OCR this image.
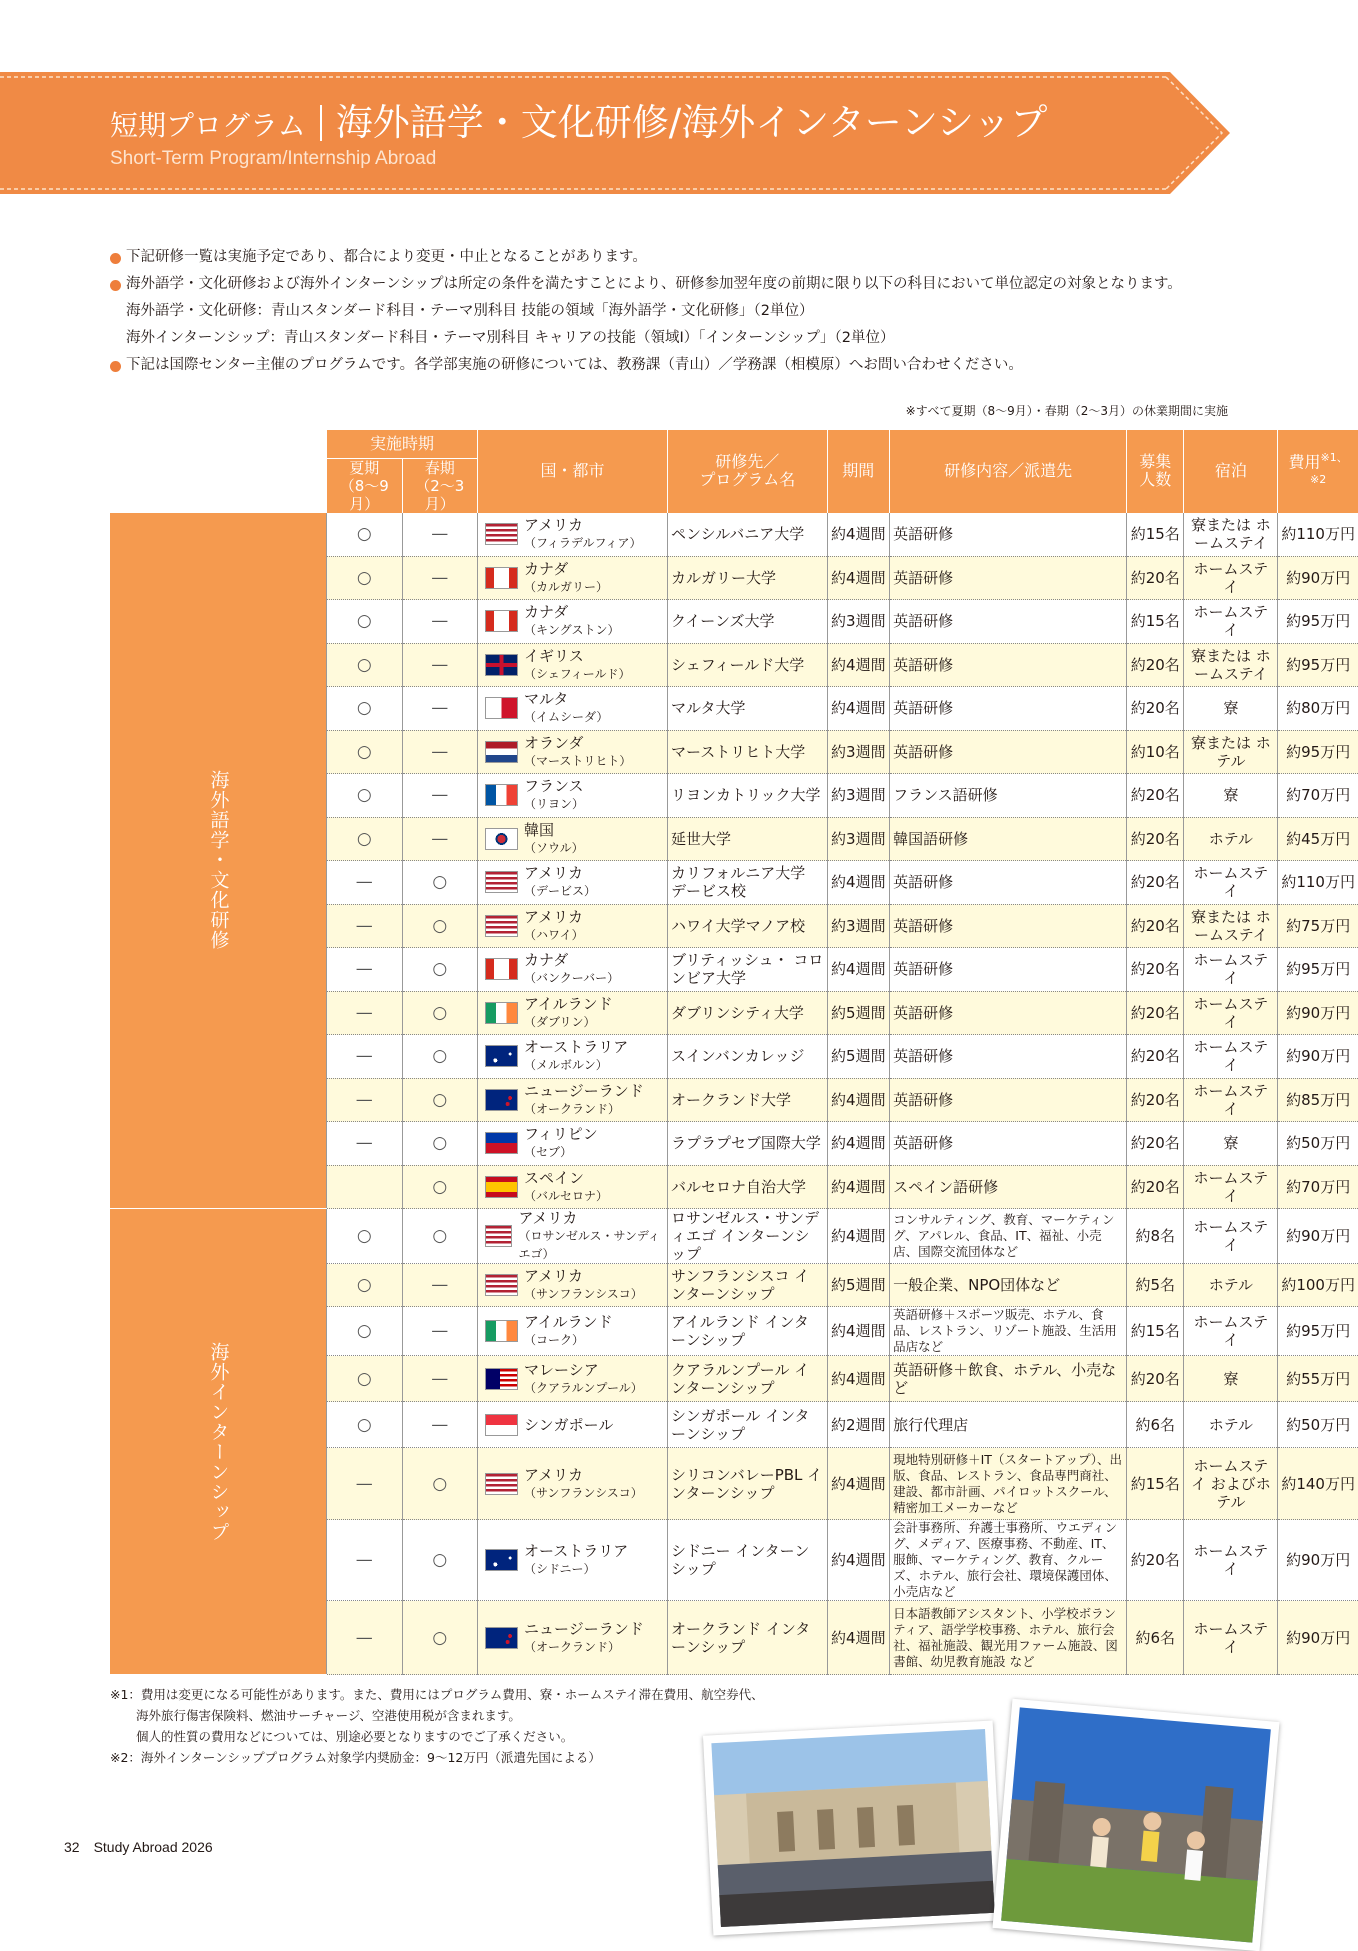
短期プログラム 海外語学・文化研修/海外インターンシップ
Short-Term Program/Internship Abroad
下記研修一覧は実施予定であり、都合により変更・中止となることがあります。
海外語学・文化研修および海外インターンシップは所定の条件を満たすことにより、研修参加翌年度の前期に限り以下の科目において単位認定の対象となります。
海外語学・文化研修：青山スタンダード科目・テーマ別科目 技能の領域「海外語学・文化研修」（2単位）
海外インターンシップ：青山スタンダード科目・テーマ別科目 キャリアの技能（領域Ⅰ）「インターンシップ」（2単位）
下記は国際センター主催のプログラムです。各学部実施の研修については、教務課（青山）／学務課（相模原）へお問い合わせください。
※すべて夏期（8〜9月）・春期（2〜3月）の休業期間に実施
	実施時期		国・都市	研修先／
プログラム名	期間	研修内容／派遣先	募集
人数	宿泊	費用$^{※1、※2}$
	夏期
（8〜9月）	春期
（2〜3月）							

海外語学・文化研修	○	—	アメリカ
（フィラデルフィア）	ペンシルバニア大学	約4週間	英語研修	約15名	寮または ホームステイ	約110万円
	○	—	カナダ
（カルガリー）	カルガリー大学	約4週間	英語研修	約20名	ホームステイ	約90万円
	○	—	カナダ
（キングストン）	クイーンズ大学	約3週間	英語研修	約15名	ホームステイ	約95万円
	○	—	イギリス
（シェフィールド）	シェフィールド大学	約4週間	英語研修	約20名	寮または ホームステイ	約95万円
	○	—	マルタ
（イムシーダ）	マルタ大学	約4週間	英語研修	約20名	寮	約80万円
	○	—	オランダ
（マーストリヒト）	マーストリヒト大学	約3週間	英語研修	約10名	寮または ホテル	約95万円
	○	—	フランス
（リヨン）	リヨンカトリック大学	約3週間	フランス語研修	約20名	寮	約70万円
	○	—	韓国
（ソウル）	延世大学	約3週間	韓国語研修	約20名	ホテル	約45万円
	—	○	アメリカ
（デービス）	カリフォルニア大学 デービス校	約4週間	英語研修	約20名	ホームステイ	約110万円
	—	○	アメリカ
（ハワイ）	ハワイ大学マノア校	約3週間	英語研修	約20名	寮または ホームステイ	約75万円
	—	○	カナダ
（バンクーバー）	ブリティッシュ・ コロンビア大学	約4週間	英語研修	約20名	ホームステイ	約95万円
	—	○	アイルランド
（ダブリン）	ダブリンシティ大学	約5週間	英語研修	約20名	ホームステイ	約90万円
	—	○	オーストラリア
（メルボルン）	スインバンカレッジ	約5週間	英語研修	約20名	ホームステイ	約90万円
	—	○	ニュージーランド
（オークランド）	オークランド大学	約4週間	英語研修	約20名	ホームステイ	約85万円
	—	○	フィリピン
（セブ）	ラプラプセブ国際大学	約4週間	英語研修	約20名	寮	約50万円
		○	スペイン
（バルセロナ）	バルセロナ自治大学	約4週間	スペイン語研修	約20名	ホームステイ	約70万円

海外インターンシップ	○	○	アメリカ
（ロサンゼルス・サンディエゴ）	ロサンゼルス・サンディエゴ インターンシップ	約4週間	コンサルティング、教育、マーケティング、アパレル、食品、IT、福祉、小売店、国際交流団体など	約8名	ホームステイ	約90万円
	○	—	アメリカ
（サンフランシスコ）	サンフランシスコ インターンシップ	約5週間	一般企業、NPO団体など	約5名	ホテル	約100万円
	○	—	アイルランド
（コーク）	アイルランド インターンシップ	約4週間	英語研修＋スポーツ販売、ホテル、食品、レストラン、リゾート施設、生活用品店など	約15名	ホームステイ	約95万円
	○	—	マレーシア
（クアラルンプール）	クアラルンプール インターンシップ	約4週間	英語研修＋飲食、ホテル、小売など	約20名	寮	約55万円
	○	—	シンガポール	シンガポール インターンシップ	約2週間	旅行代理店	約6名	ホテル	約50万円
	—	○	アメリカ
（サンフランシスコ）	シリコンバレーPBL インターンシップ	約4週間	現地特別研修＋IT（スタートアップ）、出版、食品、レストラン、食品専門商社、建設、都市計画、パイロットスクール、精密加工メーカーなど	約15名	ホームステイ およびホテル	約140万円
	—	○	オーストラリア
（シドニー）	シドニー インターンシップ	約4週間	会計事務所、弁護士事務所、ウエディング、メディア、医療事務、不動産、IT、服飾、マーケティング、教育、クルーズ、ホテル、旅行会社、環境保護団体、小売店など	約20名	ホームステイ	約90万円
	—	○	ニュージーランド
（オークランド）	オークランド インターンシップ	約4週間	日本語教師アシスタント、小学校ボランティア、語学学校事務、ホテル、旅行会社、福祉施設、観光用ファーム施設、図書館、幼児教育施設 など	約6名	ホームステイ	約90万円
※1：費用は変更になる可能性があります。また、費用にはプログラム費用、寮・ホームステイ滞在費用、航空券代、
海外旅行傷害保険料、燃油サーチャージ、空港使用税が含まれます。
個人的性質の費用などについては、別途必要となりますのでご了承ください。
※2：海外インターンシッププログラム対象学内奨励金：9〜12万円（派遣先国による）
32　Study Abroad 2026
